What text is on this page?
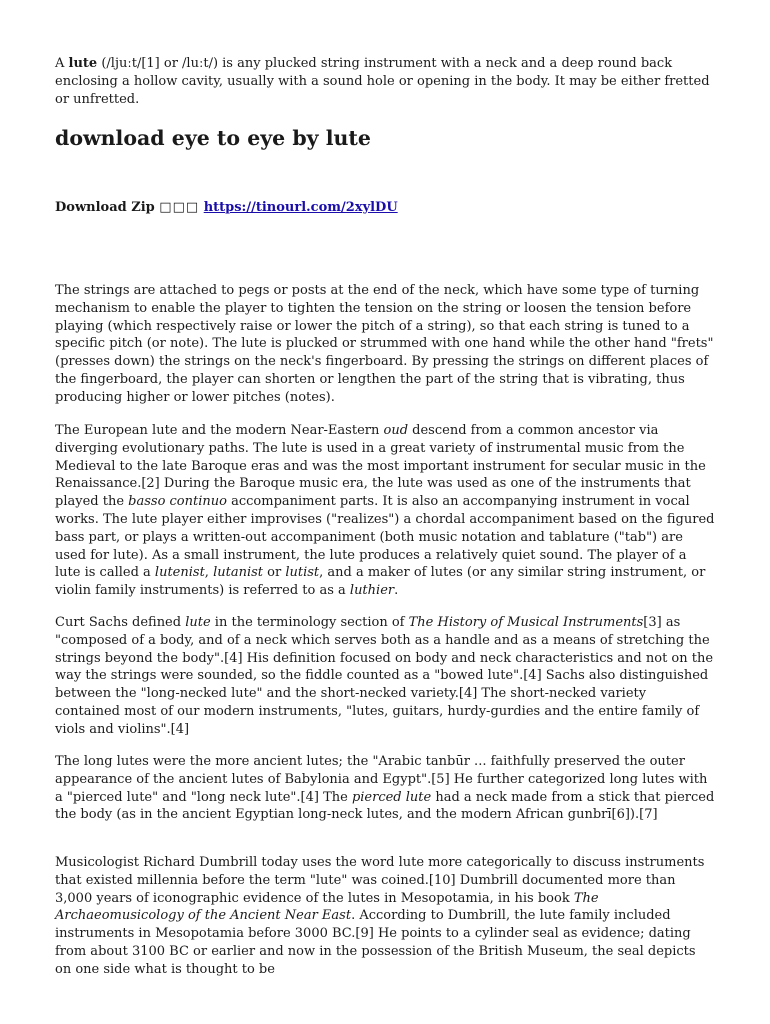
A lute (/ljuːt/[1] or /luːt/) is any plucked string instrument with a neck and a deep round back enclosing a hollow cavity, usually with a sound hole or opening in the body. It may be either fretted or unfretted.

download eye to eye by lute
Download Zip □□□ https://tinourl.com/2xylDU

The strings are attached to pegs or posts at the end of the neck, which have some type of turning mechanism to enable the player to tighten the tension on the string or loosen the tension before playing (which respectively raise or lower the pitch of a string), so that each string is tuned to a specific pitch (or note). The lute is plucked or strummed with one hand while the other hand "frets" (presses down) the strings on the neck's fingerboard. By pressing the strings on different places of the fingerboard, the player can shorten or lengthen the part of the string that is vibrating, thus producing higher or lower pitches (notes).

The European lute and the modern Near-Eastern oud descend from a common ancestor via diverging evolutionary paths. The lute is used in a great variety of instrumental music from the Medieval to the late Baroque eras and was the most important instrument for secular music in the Renaissance.[2] During the Baroque music era, the lute was used as one of the instruments that played the basso continuo accompaniment parts. It is also an accompanying instrument in vocal works. The lute player either improvises ("realizes") a chordal accompaniment based on the figured bass part, or plays a written-out accompaniment (both music notation and tablature ("tab") are used for lute). As a small instrument, the lute produces a relatively quiet sound. The player of a lute is called a lutenist, lutanist or lutist, and a maker of lutes (or any similar string instrument, or violin family instruments) is referred to as a luthier.

Curt Sachs defined lute in the terminology section of The History of Musical Instruments[3] as "composed of a body, and of a neck which serves both as a handle and as a means of stretching the strings beyond the body".[4] His definition focused on body and neck characteristics and not on the way the strings were sounded, so the fiddle counted as a "bowed lute".[4] Sachs also distinguished between the "long-necked lute" and the short-necked variety.[4] The short-necked variety contained most of our modern instruments, "lutes, guitars, hurdy-gurdies and the entire family of viols and violins".[4]

The long lutes were the more ancient lutes; the "Arabic tanbūr ... faithfully preserved the outer appearance of the ancient lutes of Babylonia and Egypt".[5] He further categorized long lutes with a "pierced lute" and "long neck lute".[4] The pierced lute had a neck made from a stick that pierced the body (as in the ancient Egyptian long-neck lutes, and the modern African gunbrī[6]).[7]

Musicologist Richard Dumbrill today uses the word lute more categorically to discuss instruments that existed millennia before the term "lute" was coined.[10] Dumbrill documented more than 3,000 years of iconographic evidence of the lutes in Mesopotamia, in his book The Archaeomusicology of the Ancient Near East. According to Dumbrill, the lute family included instruments in Mesopotamia before 3000 BC.[9] He points to a cylinder seal as evidence; dating from about 3100 BC or earlier and now in the possession of the British Museum, the seal depicts on one side what is thought to be
